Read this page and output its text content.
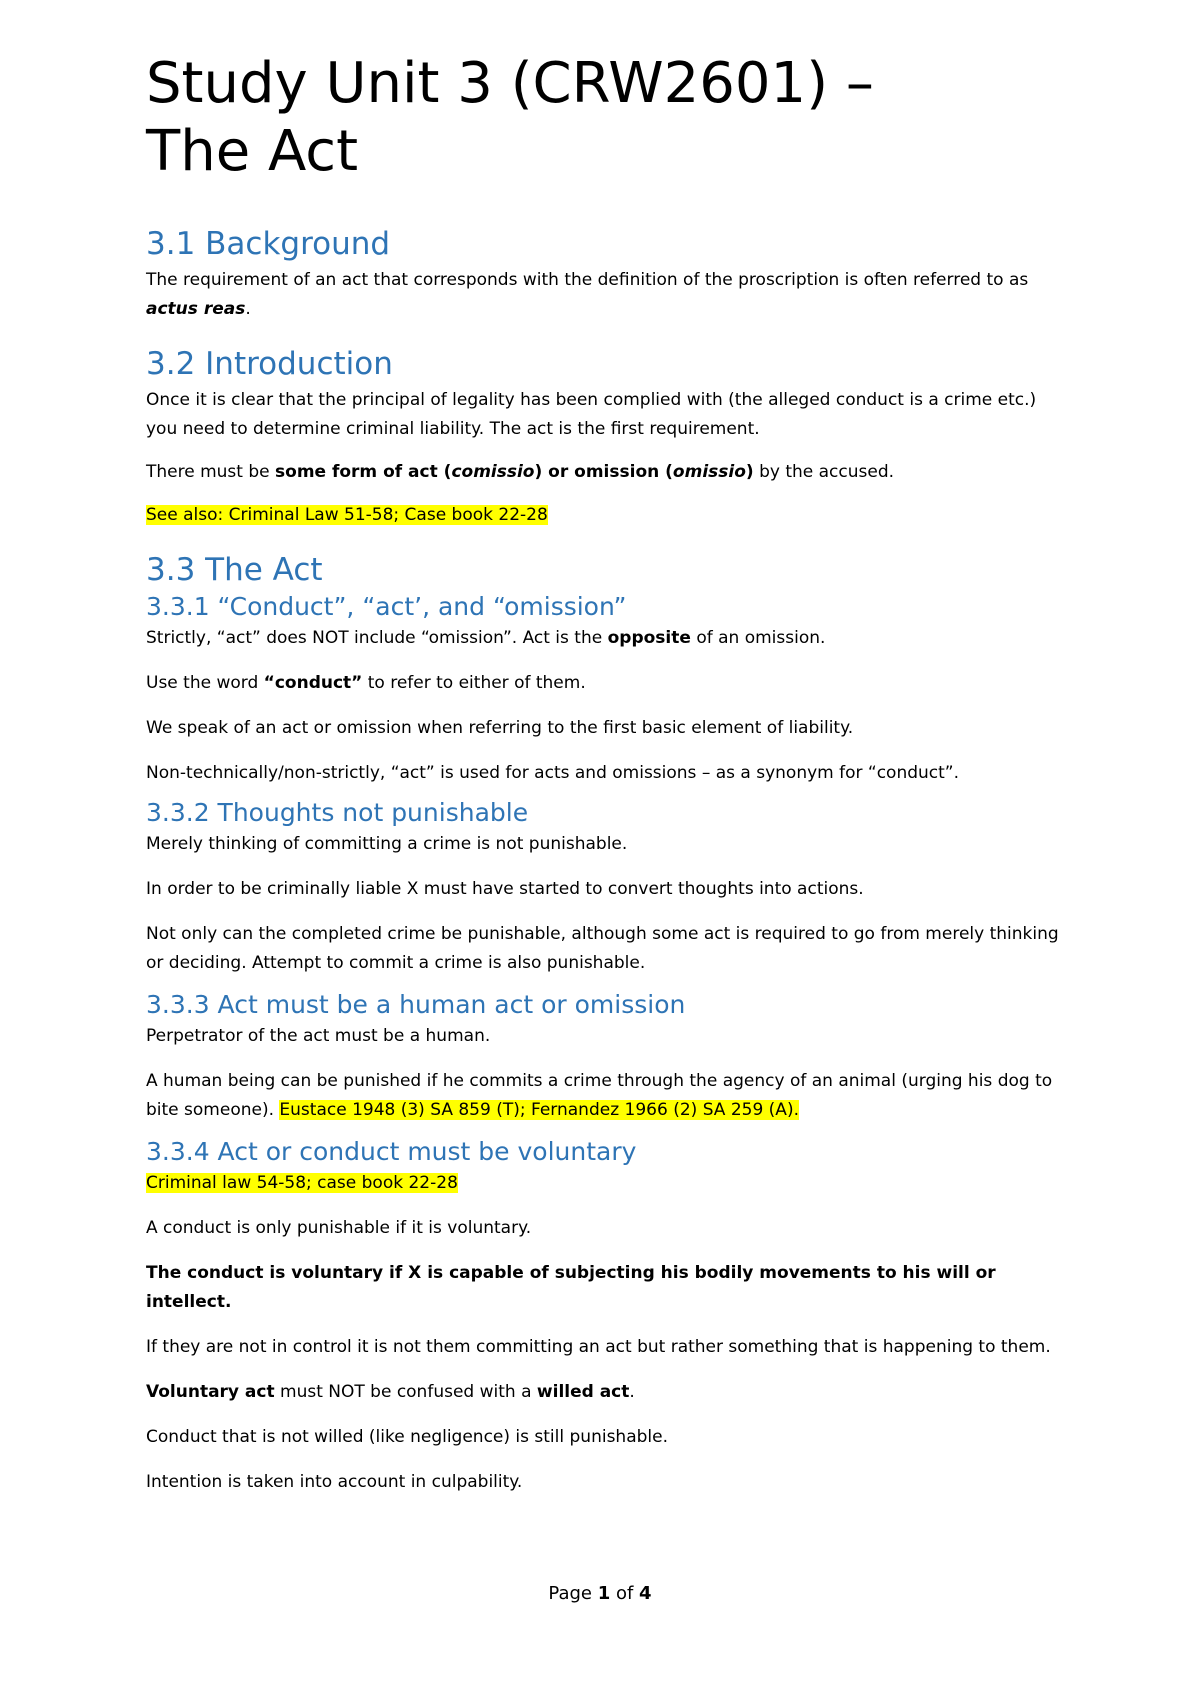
Study Unit 3 (CRW2601) – The Act
3.1 Background

The requirement of an act that corresponds with the definition of the proscription is often referred to as actus reas.

3.2 Introduction

Once it is clear that the principal of legality has been complied with (the alleged conduct is a crime etc.) you need to determine criminal liability. The act is the first requirement.

There must be some form of act (comissio) or omission (omissio) by the accused.

See also: Criminal Law 51-58; Case book 22-28

3.3 The Act
3.3.1 “Conduct”, “act’, and “omission”

Strictly, “act” does NOT include “omission”. Act is the opposite of an omission.

Use the word “conduct” to refer to either of them.

We speak of an act or omission when referring to the first basic element of liability.

Non-technically/non-strictly, “act” is used for acts and omissions – as a synonym for “conduct”.

3.3.2 Thoughts not punishable

Merely thinking of committing a crime is not punishable.

In order to be criminally liable X must have started to convert thoughts into actions.

Not only can the completed crime be punishable, although some act is required to go from merely thinking or deciding. Attempt to commit a crime is also punishable.

3.3.3 Act must be a human act or omission

Perpetrator of the act must be a human.

A human being can be punished if he commits a crime through the agency of an animal (urging his dog to bite someone). Eustace 1948 (3) SA 859 (T); Fernandez 1966 (2) SA 259 (A).

3.3.4 Act or conduct must be voluntary

Criminal law 54-58; case book 22-28

A conduct is only punishable if it is voluntary.

The conduct is voluntary if X is capable of subjecting his bodily movements to his will or intellect.

If they are not in control it is not them committing an act but rather something that is happening to them.

Voluntary act must NOT be confused with a willed act.

Conduct that is not willed (like negligence) is still punishable.

Intention is taken into account in culpability.

Page 1 of 4
